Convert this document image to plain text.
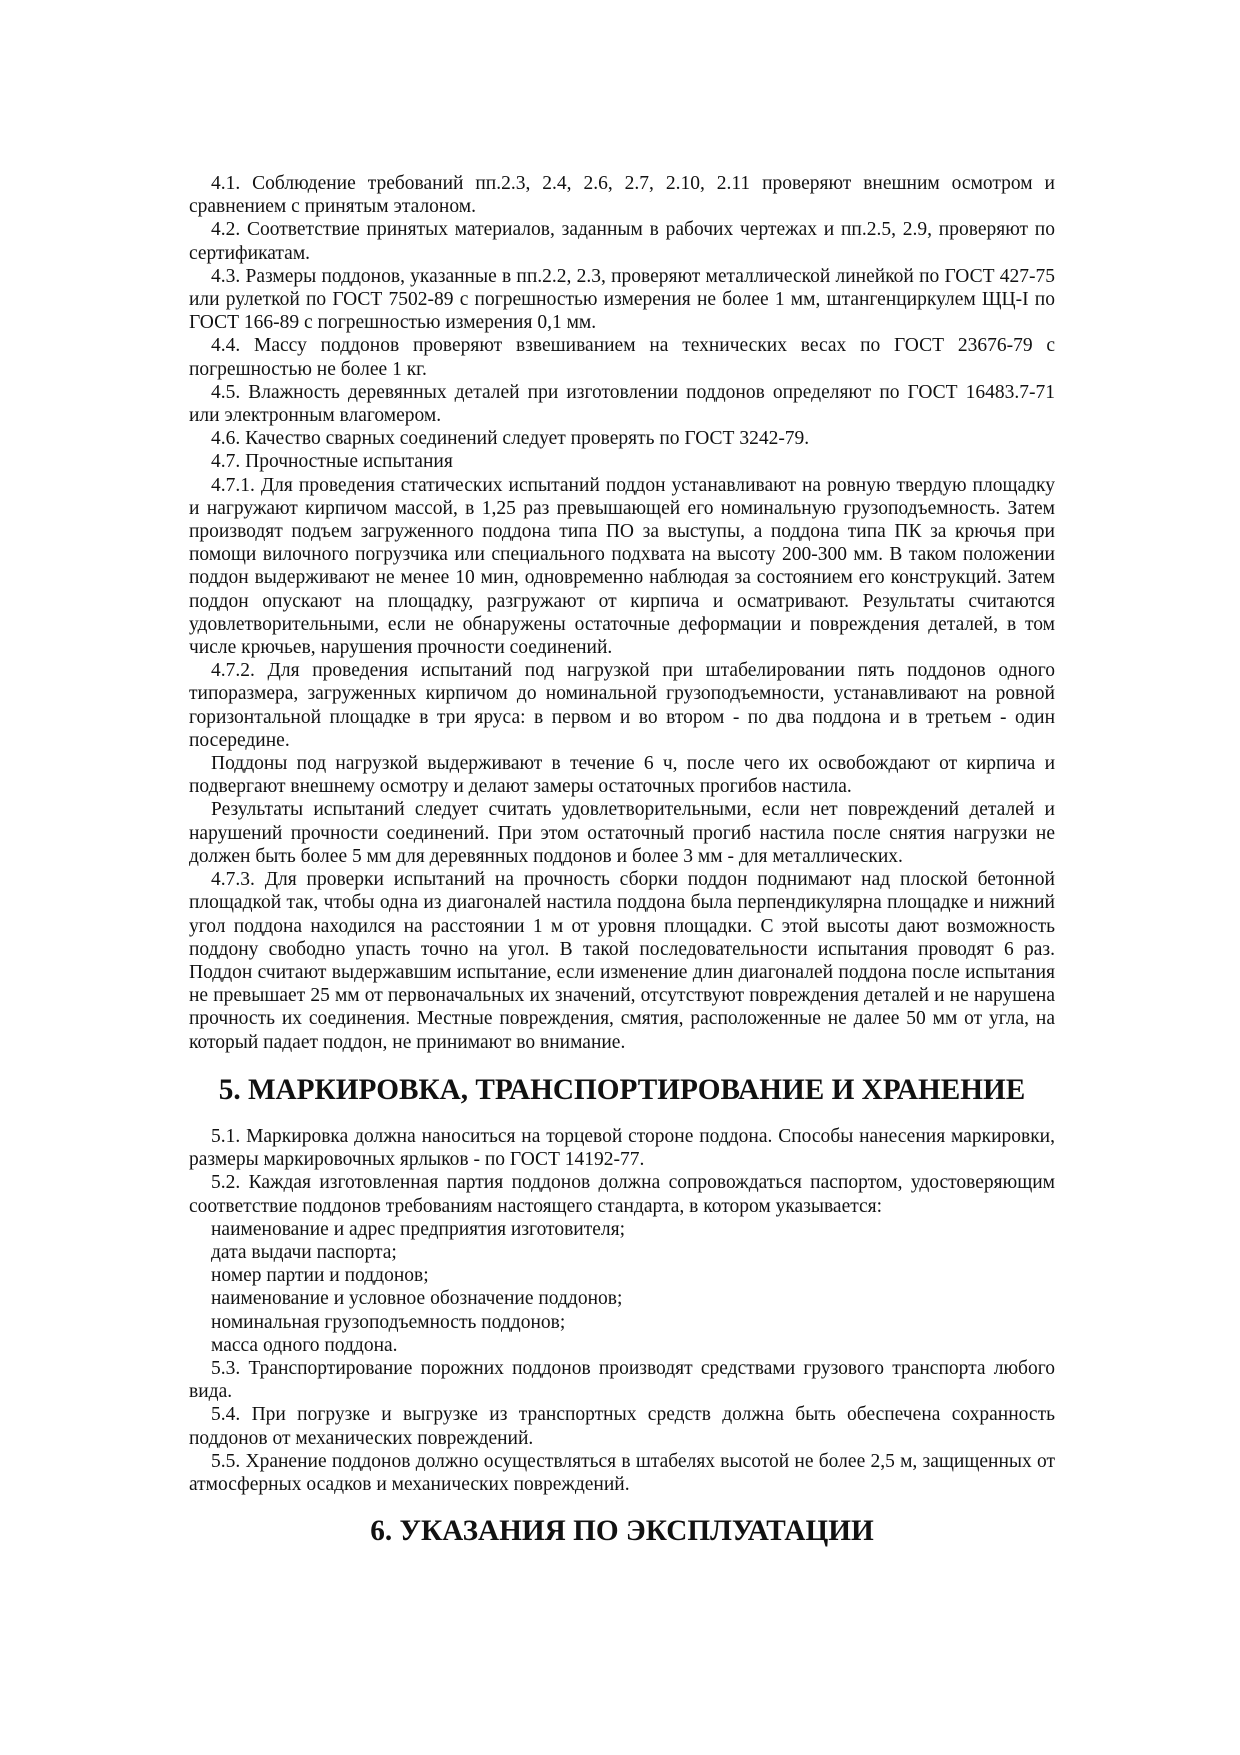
4.1. Соблюдение требований пп.2.3, 2.4, 2.6, 2.7, 2.10, 2.11 проверяют внешним осмотром и сравнением с принятым эталоном.

4.2. Соответствие принятых материалов, заданным в рабочих чертежах и пп.2.5, 2.9, проверяют по сертификатам.

4.3. Размеры поддонов, указанные в пп.2.2, 2.3, проверяют металлической линейкой по ГОСТ 427-75 или рулеткой по ГОСТ 7502-89 с погрешностью измерения не более 1 мм, штангенциркулем ЩЦ-I по ГОСТ 166-89 с погрешностью измерения 0,1 мм.

4.4. Массу поддонов проверяют взвешиванием на технических весах по ГОСТ 23676-79 с погрешностью не более 1 кг.

4.5. Влажность деревянных деталей при изготовлении поддонов определяют по ГОСТ 16483.7-71 или электронным влагомером.

4.6. Качество сварных соединений следует проверять по ГОСТ 3242-79.

4.7. Прочностные испытания

4.7.1. Для проведения статических испытаний поддон устанавливают на ровную твердую площадку и нагружают кирпичом массой, в 1,25 раз превышающей его номинальную грузоподъемность. Затем производят подъем загруженного поддона типа ПО за выступы, а поддона типа ПК за крючья при помощи вилочного погрузчика или специального подхвата на высоту 200-300 мм. В таком положении поддон выдерживают не менее 10 мин, одновременно наблюдая за состоянием его конструкций. Затем поддон опускают на площадку, разгружают от кирпича и осматривают. Результаты считаются удовлетворительными, если не обнаружены остаточные деформации и повреждения деталей, в том числе крючьев, нарушения прочности соединений.

4.7.2. Для проведения испытаний под нагрузкой при штабелировании пять поддонов одного типоразмера, загруженных кирпичом до номинальной грузоподъемности, устанавливают на ровной горизонтальной площадке в три яруса: в первом и во втором - по два поддона и в третьем - один посередине.

Поддоны под нагрузкой выдерживают в течение 6 ч, после чего их освобождают от кирпича и подвергают внешнему осмотру и делают замеры остаточных прогибов настила.

Результаты испытаний следует считать удовлетворительными, если нет повреждений деталей и нарушений прочности соединений. При этом остаточный прогиб настила после снятия нагрузки не должен быть более 5 мм для деревянных поддонов и более 3 мм - для металлических.

4.7.3. Для проверки испытаний на прочность сборки поддон поднимают над плоской бетонной площадкой так, чтобы одна из диагоналей настила поддона была перпендикулярна площадке и нижний угол поддона находился на расстоянии 1 м от уровня площадки. С этой высоты дают возможность поддону свободно упасть точно на угол. В такой последовательности испытания проводят 6 раз. Поддон считают выдержавшим испытание, если изменение длин диагоналей поддона после испытания не превышает 25 мм от первоначальных их значений, отсутствуют повреждения деталей и не нарушена прочность их соединения. Местные повреждения, смятия, расположенные не далее 50 мм от угла, на который падает поддон, не принимают во внимание.

5. МАРКИРОВКА, ТРАНСПОРТИРОВАНИЕ И ХРАНЕНИЕ

5.1. Маркировка должна наноситься на торцевой стороне поддона. Способы нанесения маркировки, размеры маркировочных ярлыков - по ГОСТ 14192-77.

5.2. Каждая изготовленная партия поддонов должна сопровождаться паспортом, удостоверяющим соответствие поддонов требованиям настоящего стандарта, в котором указывается:

наименование и адрес предприятия изготовителя;

дата выдачи паспорта;

номер партии и поддонов;

наименование и условное обозначение поддонов;

номинальная грузоподъемность поддонов;

масса одного поддона.

5.3. Транспортирование порожних поддонов производят средствами грузового транспорта любого вида.

5.4. При погрузке и выгрузке из транспортных средств должна быть обеспечена сохранность поддонов от механических повреждений.

5.5. Хранение поддонов должно осуществляться в штабелях высотой не более 2,5 м, защищенных от атмосферных осадков и механических повреждений.

6. УКАЗАНИЯ ПО ЭКСПЛУАТАЦИИ
